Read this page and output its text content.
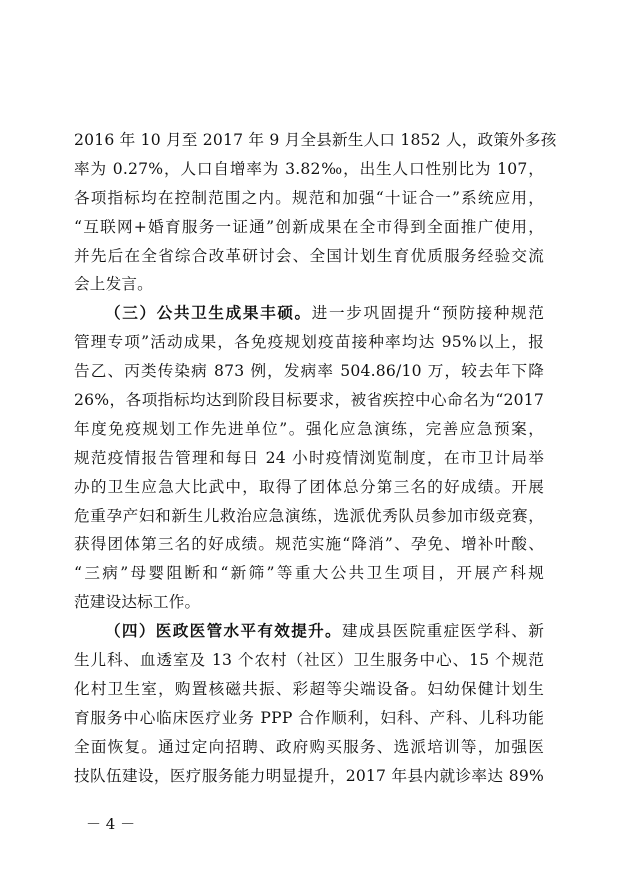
2016 年 10 月至 2017 年 9 月全县新生人口 1852 人，政策外多孩
率为 0.27%，人口自增率为 3.82‰，出生人口性别比为 107，
各项指标均在控制范围之内。规范和加强“十证合一”系统应用，
“互联网+婚育服务一证通”创新成果在全市得到全面推广使用，
并先后在全省综合改革研讨会、全国计划生育优质服务经验交流
会上发言。
（三）公共卫生成果丰硕。进一步巩固提升“预防接种规范
管理专项”活动成果，各免疫规划疫苗接种率均达 95%以上，报
告乙、丙类传染病 873 例，发病率 504.86/10 万，较去年下降
26%，各项指标均达到阶段目标要求，被省疾控中心命名为“2017
年度免疫规划工作先进单位”。强化应急演练，完善应急预案，
规范疫情报告管理和每日 24 小时疫情浏览制度，在市卫计局举
办的卫生应急大比武中，取得了团体总分第三名的好成绩。开展
危重孕产妇和新生儿救治应急演练，选派优秀队员参加市级竞赛，
获得团体第三名的好成绩。规范实施“降消”、孕免、增补叶酸、
“三病”母婴阻断和“新筛”等重大公共卫生项目，开展产科规
范建设达标工作。
（四）医政医管水平有效提升。建成县医院重症医学科、新
生儿科、血透室及 13 个农村（社区）卫生服务中心、15 个规范
化村卫生室，购置核磁共振、彩超等尖端设备。妇幼保健计划生
育服务中心临床医疗业务 PPP 合作顺利，妇科、产科、儿科功能
全面恢复。通过定向招聘、政府购买服务、选派培训等，加强医
技队伍建设，医疗服务能力明显提升，2017 年县内就诊率达 89%
－ 4 －
